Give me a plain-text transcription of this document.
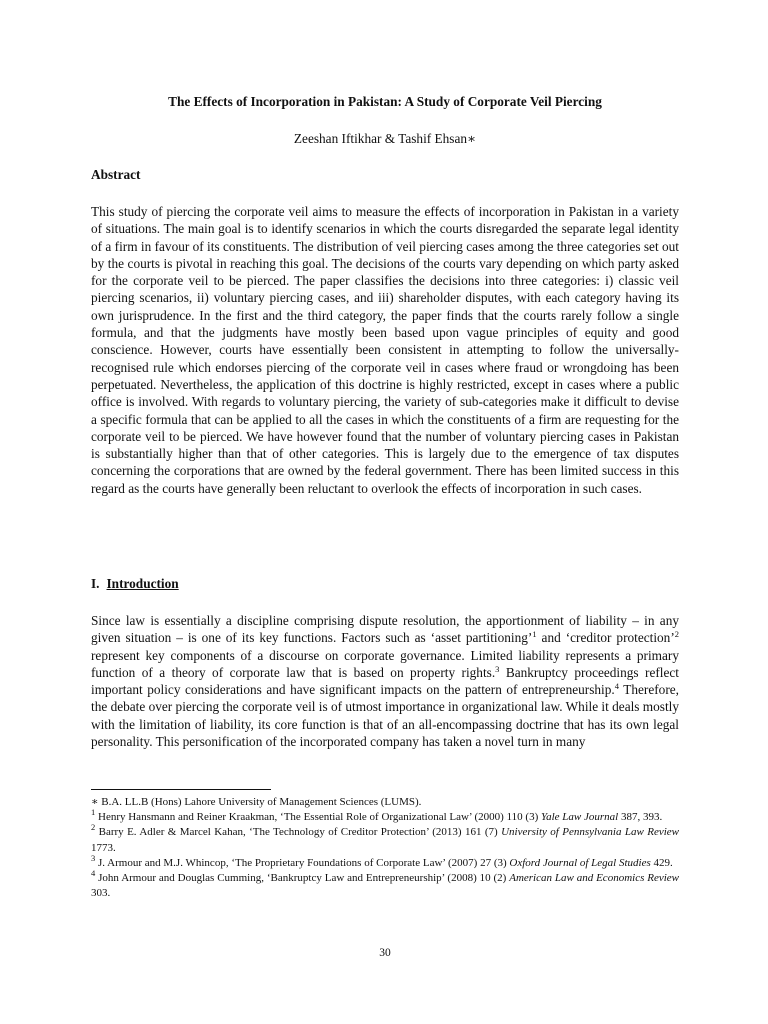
The Effects of Incorporation in Pakistan: A Study of Corporate Veil Piercing
Zeeshan Iftikhar & Tashif Ehsan∗
Abstract
This study of piercing the corporate veil aims to measure the effects of incorporation in Pakistan in a variety of situations. The main goal is to identify scenarios in which the courts disregarded the separate legal identity of a firm in favour of its constituents. The distribution of veil piercing cases among the three categories set out by the courts is pivotal in reaching this goal. The decisions of the courts vary depending on which party asked for the corporate veil to be pierced. The paper classifies the decisions into three categories: i) classic veil piercing scenarios, ii) voluntary piercing cases, and iii) shareholder disputes, with each category having its own jurisprudence. In the first and the third category, the paper finds that the courts rarely follow a single formula, and that the judgments have mostly been based upon vague principles of equity and good conscience. However, courts have essentially been consistent in attempting to follow the universally-recognised rule which endorses piercing of the corporate veil in cases where fraud or wrongdoing has been perpetuated. Nevertheless, the application of this doctrine is highly restricted, except in cases where a public office is involved. With regards to voluntary piercing, the variety of sub-categories make it difficult to devise a specific formula that can be applied to all the cases in which the constituents of a firm are requesting for the corporate veil to be pierced. We have however found that the number of voluntary piercing cases in Pakistan is substantially higher than that of other categories. This is largely due to the emergence of tax disputes concerning the corporations that are owned by the federal government. There has been limited success in this regard as the courts have generally been reluctant to overlook the effects of incorporation in such cases.
I. Introduction
Since law is essentially a discipline comprising dispute resolution, the apportionment of liability – in any given situation – is one of its key functions. Factors such as ‘asset partitioning’$^1$ and ‘creditor protection’$^2$ represent key components of a discourse on corporate governance. Limited liability represents a primary function of a theory of corporate law that is based on property rights.$^3$ Bankruptcy proceedings reflect important policy considerations and have significant impacts on the pattern of entrepreneurship.$^4$ Therefore, the debate over piercing the corporate veil is of utmost importance in organizational law. While it deals mostly with the limitation of liability, its core function is that of an all-encompassing doctrine that has its own legal personality. This personification of the incorporated company has taken a novel turn in many
∗ B.A. LL.B (Hons) Lahore University of Management Sciences (LUMS).
$^1$ Henry Hansmann and Reiner Kraakman, ‘The Essential Role of Organizational Law’ (2000) 110 (3) Yale Law Journal 387, 393.
$^2$ Barry E. Adler & Marcel Kahan, ‘The Technology of Creditor Protection’ (2013) 161 (7) University of Pennsylvania Law Review 1773.
$^3$ J. Armour and M.J. Whincop, ‘The Proprietary Foundations of Corporate Law’ (2007) 27 (3) Oxford Journal of Legal Studies 429.
$^4$ John Armour and Douglas Cumming, ‘Bankruptcy Law and Entrepreneurship’ (2008) 10 (2) American Law and Economics Review 303.
30
